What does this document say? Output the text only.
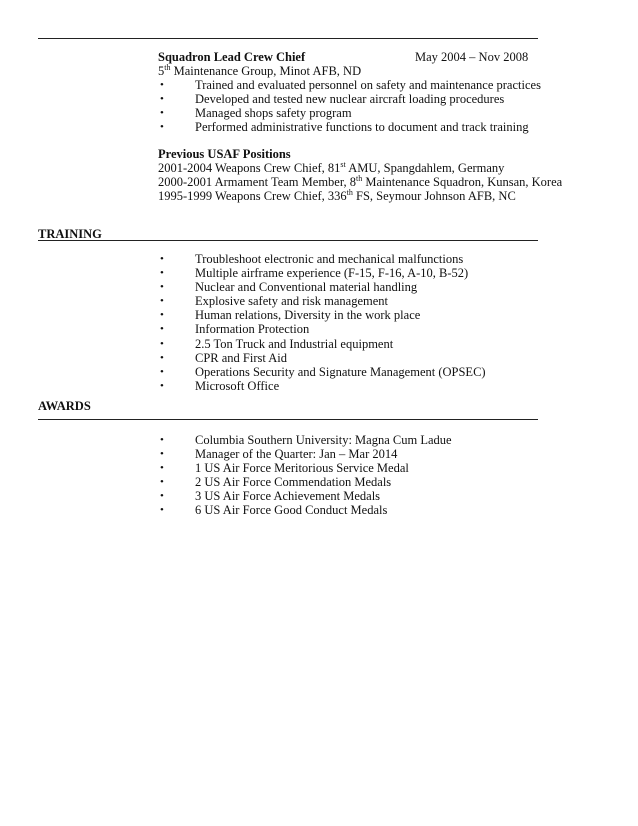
Squadron Lead Crew Chief	May 2004 – Nov 2008
5th Maintenance Group, Minot AFB, ND
•	Trained and evaluated personnel on safety and maintenance practices
•	Developed and tested new nuclear aircraft loading procedures
•	Managed shops safety program
•	Performed administrative functions to document and track training
Previous USAF Positions
2001-2004 Weapons Crew Chief, 81st AMU, Spangdahlem, Germany
2000-2001 Armament Team Member, 8th Maintenance Squadron, Kunsan, Korea
1995-1999 Weapons Crew Chief, 336th FS, Seymour Johnson AFB, NC
TRAINING
•	Troubleshoot electronic and mechanical malfunctions
•	Multiple airframe experience (F-15, F-16, A-10, B-52)
•	Nuclear and Conventional material handling
•	Explosive safety and risk management
•	Human relations, Diversity in the work place
•	Information Protection
•	2.5 Ton Truck and Industrial equipment
•	CPR and First Aid
•	Operations Security and Signature Management (OPSEC)
•	Microsoft Office
AWARDS
•	Columbia Southern University: Magna Cum Ladue
•	Manager of the Quarter: Jan – Mar 2014
•	1 US Air Force Meritorious Service Medal
•	2 US Air Force Commendation Medals
•	3 US Air Force Achievement Medals
•	6 US Air Force Good Conduct Medals
